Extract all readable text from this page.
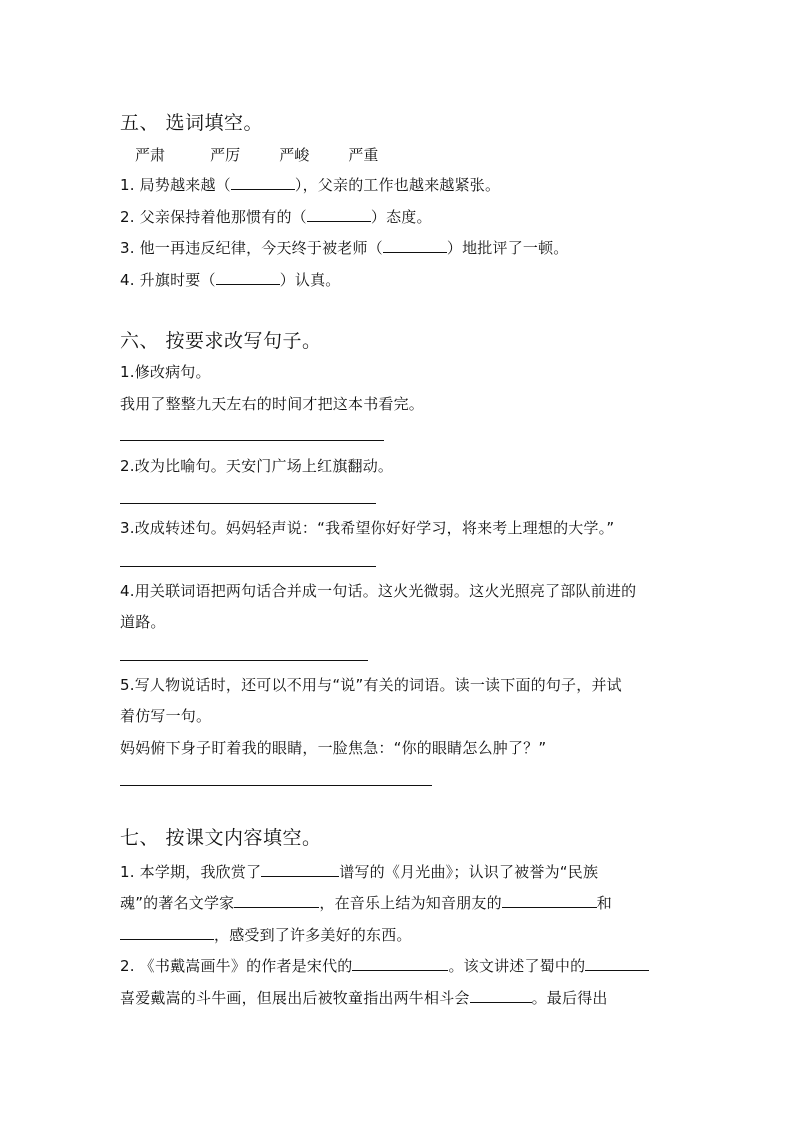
五、 选词填空。
严肃	严厉	严峻	严重
1. 局势越来越（	），父亲的工作也越来越紧张。
2. 父亲保持着他那惯有的（	）态度。
3. 他一再违反纪律，今天终于被老师（	）地批评了一顿。
4. 升旗时要（	）认真。
六、 按要求改写句子。
1.修改病句。
我用了整整九天左右的时间才把这本书看完。
2.改为比喻句。天安门广场上红旗翻动。
3.改成转述句。妈妈轻声说：“我希望你好好学习，将来考上理想的大学。”
4.用关联词语把两句话合并成一句话。这火光微弱。这火光照亮了部队前进的
道路。
5.写人物说话时，还可以不用与“说”有关的词语。读一读下面的句子，并试
着仿写一句。
妈妈俯下身子盯着我的眼睛，一脸焦急：“你的眼睛怎么肿了？”
七、 按课文内容填空。
1. 本学期，我欣赏了	谱写的《月光曲》；认识了被誉为“民族
魂”的著名文学家	，在音乐上结为知音朋友的	和
，感受到了许多美好的东西。
2. 《书戴嵩画牛》的作者是宋代的	。该文讲述了蜀中的
喜爱戴嵩的斗牛画，但展出后被牧童指出两牛相斗会	。最后得出
